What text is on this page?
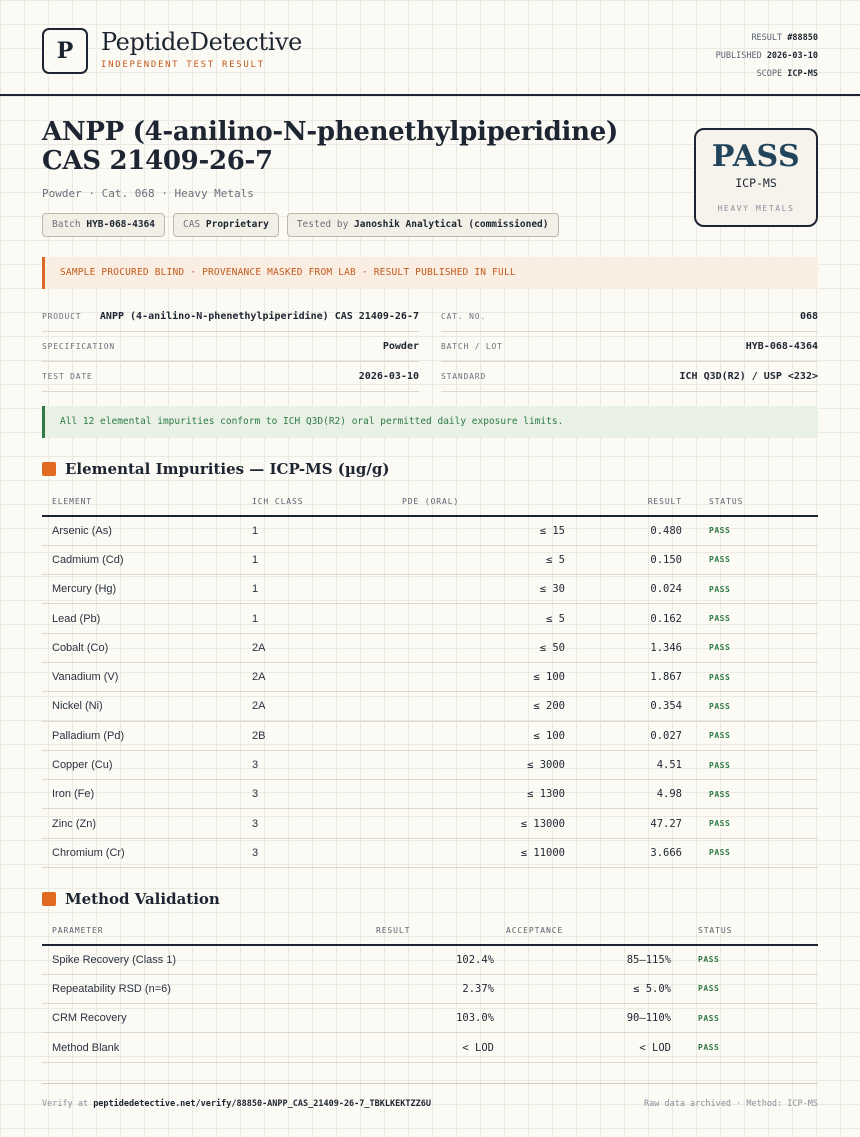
P	PeptideDetective
INDEPENDENT TEST RESULT
RESULT #88850
PUBLISHED 2026-03-10
SCOPE ICP-MS
ANPP (4-anilino-N-phenethylpiperidine) CAS 21409-26-7
Powder · Cat. 068 · Heavy Metals
Batch HYB-068-4364	CAS Proprietary	Tested by Janoshik Analytical (commissioned)
PASS
ICP-MS
HEAVY METALS
SAMPLE PROCURED BLIND · PROVENANCE MASKED FROM LAB · RESULT PUBLISHED IN FULL
PRODUCT ANPP (4-anilino-N-phenethylpiperidine) CAS 21409-26-7
SPECIFICATION	Powder
TEST DATE	2026-03-10
CAT. NO.	068
BATCH / LOT	HYB-068-4364
STANDARD	ICH Q3D(R2) / USP <232>
All 12 elemental impurities conform to ICH Q3D(R2) oral permitted daily exposure limits.
Elemental Impurities — ICP-MS (µg/g)
ELEMENT	ICH CLASS	PDE (ORAL)	RESULT	STATUS
Arsenic (As)	1	≤ 15	0.480	PASS
Cadmium (Cd)	1	≤ 5	0.150	PASS
Mercury (Hg)	1	≤ 30	0.024	PASS
Lead (Pb)	1	≤ 5	0.162	PASS
Cobalt (Co)	2A	≤ 50	1.346	PASS
Vanadium (V)	2A	≤ 100	1.867	PASS
Nickel (Ni)	2A	≤ 200	0.354	PASS
Palladium (Pd)	2B	≤ 100	0.027	PASS
Copper (Cu)	3	≤ 3000	4.51	PASS
Iron (Fe)	3	≤ 1300	4.98	PASS
Zinc (Zn)	3	≤ 13000	47.27	PASS
Chromium (Cr)	3	≤ 11000	3.666	PASS
Method Validation
PARAMETER	RESULT	ACCEPTANCE	STATUS
Spike Recovery (Class 1)	102.4%	85–115%	PASS
Repeatability RSD (n=6)	2.37%	≤ 5.0%	PASS
CRM Recovery	103.0%	90–110%	PASS
Method Blank	< LOD	< LOD	PASS
Verify at peptidedetective.net/verify/88850-ANPP_CAS_21409-26-7_TBKLKEKTZZ6U	Raw data archived · Method: ICP-MS
